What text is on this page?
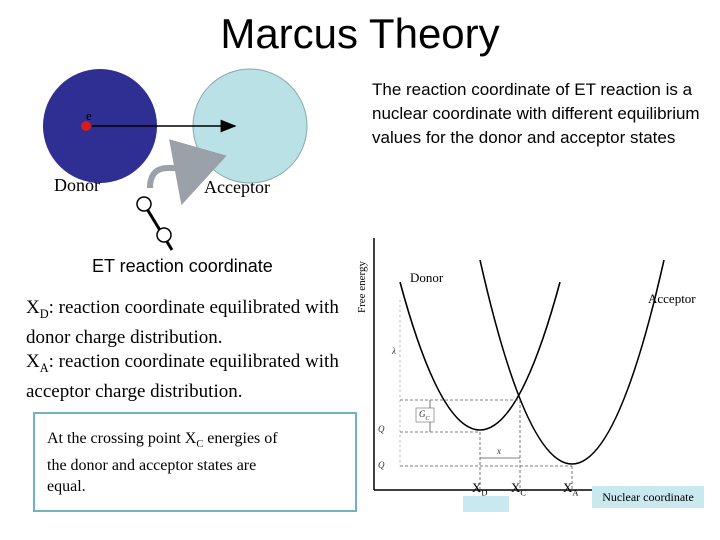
Marcus Theory
The reaction coordinate of ET reaction is a nuclear coordinate with different equilibrium values for the donor and acceptor states
e
Donor	Acceptor
ET reaction coordinate
$X_D$: reaction coordinate equilibrated with donor charge distribution.
$X_A$: reaction coordinate equilibrated with acceptor charge distribution.
At the crossing point $X_C$ energies of the donor and acceptor states are equal.
Free energy	Donor
Acceptor
$G_C$
Q
Q
λ
x
$X_D$ $X_C$	$X_A$	Nuclear coordinate
